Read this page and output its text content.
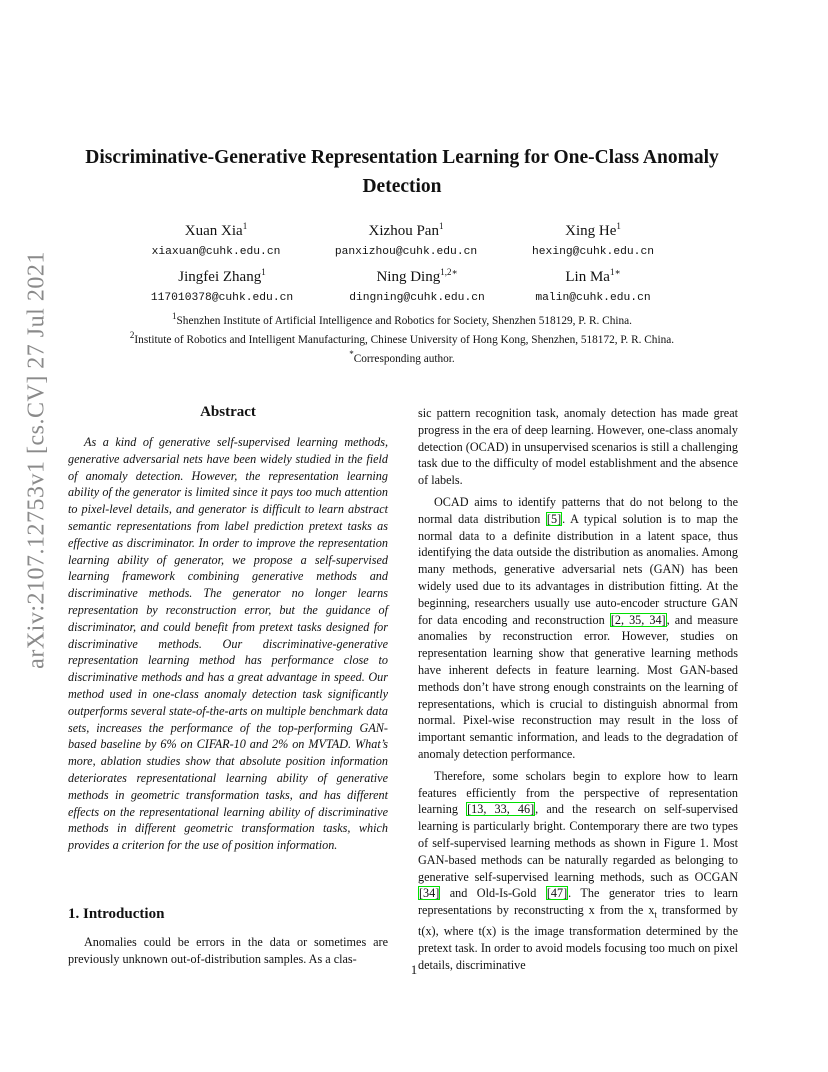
arXiv:2107.12753v1 [cs.CV] 27 Jul 2021
Discriminative-Generative Representation Learning for One-Class Anomaly Detection
Xuan Xia$^1$
xiaxuan@cuhk.edu.cn
Xizhou Pan$^1$
panxizhou@cuhk.edu.cn
Xing He$^1$
hexing@cuhk.edu.cn
Jingfei Zhang$^1$
117010378@cuhk.edu.cn
Ning Ding$^{1,2∗}$
dingning@cuhk.edu.cn
Lin $Ma^{1∗}$
malin@cuhk.edu.cn
$^1$Shenzhen Institute of Artificial Intelligence and Robotics for Society, Shenzhen 518129, P. R. China.
$^2$Institute of Robotics and Intelligent Manufacturing, Chinese University of Hong Kong, Shenzhen, 518172, P. R. China.
*Corresponding author.
Abstract

As a kind of generative self-supervised learning methods, generative adversarial nets have been widely studied in the field of anomaly detection. However, the representation learning ability of the generator is limited since it pays too much attention to pixel-level details, and generator is difficult to learn abstract semantic representations from label prediction pretext tasks as effective as discriminator. In order to improve the representation learning ability of generator, we propose a self-supervised learning framework combining generative methods and discriminative methods. The generator no longer learns representation by reconstruction error, but the guidance of discriminator, and could benefit from pretext tasks designed for discriminative methods. Our discriminative-generative representation learning method has performance close to discriminative methods and has a great advantage in speed. Our method used in one-class anomaly detection task significantly outperforms several state-of-the-arts on multiple benchmark data sets, increases the performance of the top-performing GAN-based baseline by 6% on CIFAR-10 and 2% on MVTAD. What’s more, ablation studies show that absolute position information deteriorates representational learning ability of generative methods in geometric transformation tasks, and has different effects on the representational learning ability of discriminative methods in different geometric transformation tasks, which provides a criterion for the use of position information.

1. Introduction

Anomalies could be errors in the data or sometimes are previously unknown out-of-distribution samples. As a clas-

sic pattern recognition task, anomaly detection has made great progress in the era of deep learning. However, one-class anomaly detection (OCAD) in unsupervised scenarios is still a challenging task due to the difficulty of model establishment and the absence of labels.

OCAD aims to identify patterns that do not belong to the normal data distribution [5]. A typical solution is to map the normal data to a definite distribution in a latent space, thus identifying the data outside the distribution as anomalies. Among many methods, generative adversarial nets (GAN) has been widely used due to its advantages in distribution fitting. At the beginning, researchers usually use auto-encoder structure GAN for data encoding and reconstruction [2, 35, 34], and measure anomalies by reconstruction error. However, studies on representation learning show that generative learning methods have inherent defects in feature learning. Most GAN-based methods don’t have strong enough constraints on the learning of representations, which is crucial to distinguish abnormal from normal. Pixel-wise reconstruction may result in the loss of important semantic information, and leads to the degradation of anomaly detection performance.

Therefore, some scholars begin to explore how to learn features efficiently from the perspective of representation learning [13, 33, 46], and the research on self-supervised learning is particularly bright. Contemporary there are two types of self-supervised learning methods as shown in Figure 1. Most GAN-based methods can be naturally regarded as belonging to generative self-supervised learning methods, such as OCGAN [34] and Old-Is-Gold [47]. The generator tries to learn representations by reconstructing x from the $x_t$ transformed by t(x), where t(x) is the image transformation determined by the pretext task. In order to avoid models focusing too much on pixel details, discriminative

1
